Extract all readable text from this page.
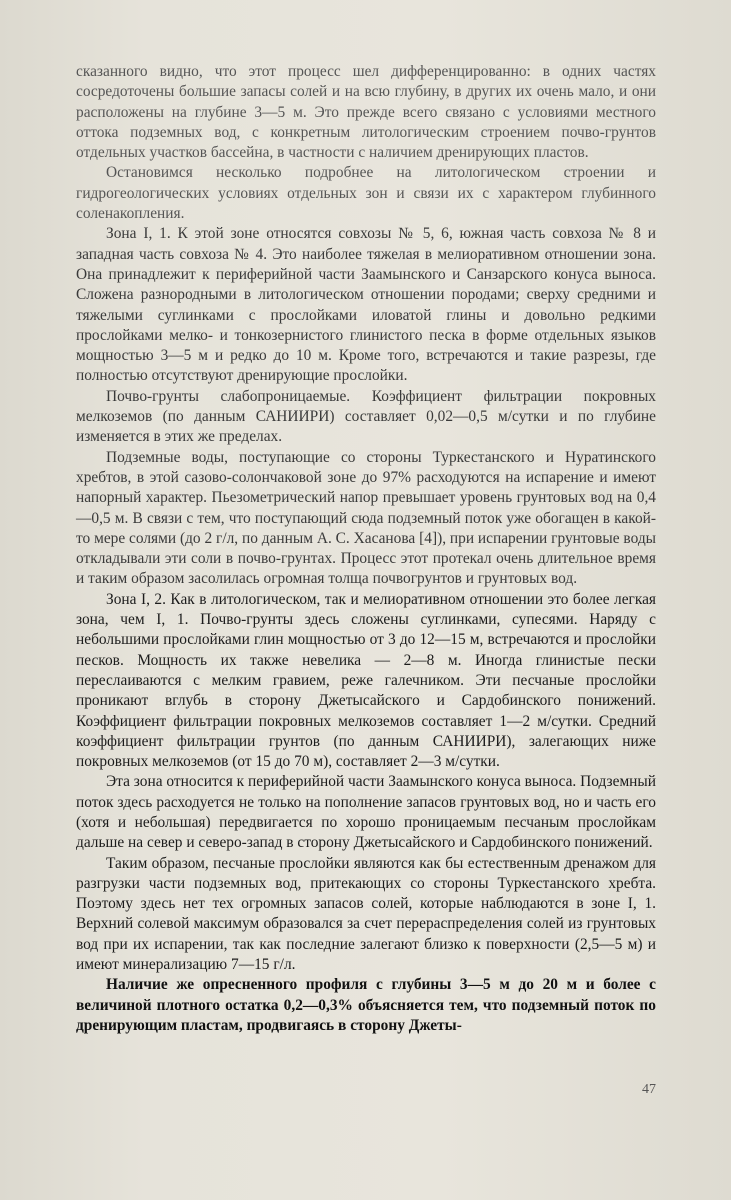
сказанного видно, что этот процесс шел дифференцированно: в одних частях сосредоточены большие запасы солей и на всю глубину, в других их очень мало, и они расположены на глубине 3—5 м. Это прежде всего связано с условиями местного оттока подземных вод, с конкретным литологическим строением почво-грунтов отдельных участков бассейна, в частности с наличием дренирующих пластов.

Остановимся несколько подробнее на литологическом строении и гидрогеологических условиях отдельных зон и связи их с характером глубинного соленакопления.

Зона I, 1. К этой зоне относятся совхозы № 5, 6, южная часть совхоза № 8 и западная часть совхоза № 4. Это наиболее тяжелая в мелиоративном отношении зона. Она принадлежит к периферийной части Заамынского и Санзарского конуса выноса. Сложена разнородными в литологическом отношении породами; сверху средними и тяжелыми суглинками с прослойками иловатой глины и довольно редкими прослойками мелко- и тонкозернистого глинистого песка в форме отдельных языков мощностью 3—5 м и редко до 10 м. Кроме того, встречаются и такие разрезы, где полностью отсутствуют дренирующие прослойки.

Почво-грунты слабопроницаемые. Коэффициент фильтрации покровных мелкоземов (по данным САНИИРИ) составляет 0,02—0,5 м/сутки и по глубине изменяется в этих же пределах.

Подземные воды, поступающие со стороны Туркестанского и Нуратинского хребтов, в этой сазово-солончаковой зоне до 97% расходуются на испарение и имеют напорный характер. Пьезометрический напор превышает уровень грунтовых вод на 0,4—0,5 м. В связи с тем, что поступающий сюда подземный поток уже обогащен в какой-то мере солями (до 2 г/л, по данным А. С. Хасанова [4]), при испарении грунтовые воды откладывали эти соли в почво-грунтах. Процесс этот протекал очень длительное время и таким образом засолилась огромная толща почвогрунтов и грунтовых вод.

Зона I, 2. Как в литологическом, так и мелиоративном отношении это более легкая зона, чем I, 1. Почво-грунты здесь сложены суглинками, супесями. Наряду с небольшими прослойками глин мощностью от 3 до 12—15 м, встречаются и прослойки песков. Мощность их также невелика — 2—8 м. Иногда глинистые пески переслаиваются с мелким гравием, реже галечником. Эти песчаные прослойки проникают вглубь в сторону Джетысайского и Сардобинского понижений. Коэффициент фильтрации покровных мелкоземов составляет 1—2 м/сутки. Средний коэффициент фильтрации грунтов (по данным САНИИРИ), залегающих ниже покровных мелкоземов (от 15 до 70 м), составляет 2—3 м/сутки.

Эта зона относится к периферийной части Заамынского конуса выноса. Подземный поток здесь расходуется не только на пополнение запасов грунтовых вод, но и часть его (хотя и небольшая) передвигается по хорошо проницаемым песчаным прослойкам дальше на север и северо-запад в сторону Джетысайского и Сардобинского понижений.

Таким образом, песчаные прослойки являются как бы естественным дренажом для разгрузки части подземных вод, притекающих со стороны Туркестанского хребта. Поэтому здесь нет тех огромных запасов солей, которые наблюдаются в зоне I, 1. Верхний солевой максимум образовался за счет перераспределения солей из грунтовых вод при их испарении, так как последние залегают близко к поверхности (2,5—5 м) и имеют минерализацию 7—15 г/л.

Наличие же опресненного профиля с глубины 3—5 м до 20 м и более с величиной плотного остатка 0,2—0,3% объясняется тем, что подземный поток по дренирующим пластам, продвигаясь в сторону Джеты-

47
